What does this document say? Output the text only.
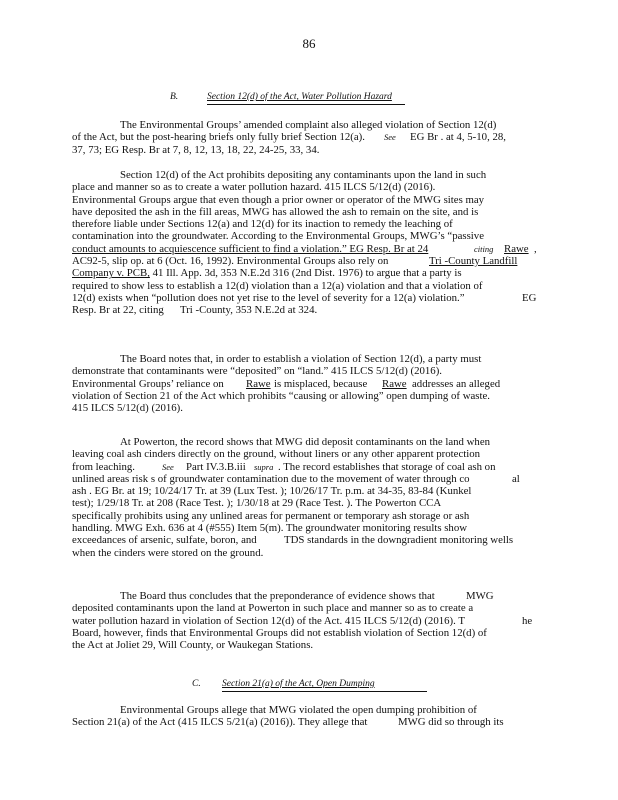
86
B.	Section 12(d) of the Act, Water Pollution Hazard

The Environmental Groups’ amended complaint also alleged violation of Section 12(d)

of the Act, but the post-hearing briefs only fully brief Section 12(a). See EG Br . at 4, 5-10, 28,

37, 73; EG Resp. Br at 7, 8, 12, 13, 18, 22, 24-25, 33, 34.

Section 12(d) of the Act prohibits depositing any contaminants upon the land in such

place and manner so as to create a water pollution hazard. 415 ILCS 5/12(d) (2016).

Environmental Groups argue that even though a prior owner or operator of the MWG sites may

have deposited the ash in the fill areas, MWG has allowed the ash to remain on the site, and is

therefore liable under Sections 12(a) and 12(d) for its inaction to remedy the leaching of

contamination into the groundwater. According to the Environmental Groups, MWG’s “passive

conduct amounts to acquiescence sufficient to find a violation.” EG Resp. Br at 24	citing Rawe ,

AC92-5, slip op. at 6 (Oct. 16, 1992). Environmental Groups also rely on	Tri -County Landfill

Company v. PCB, 41 Ill. App. 3d, 353 N.E.2d 316 (2nd Dist. 1976) to argue that a party is

required to show less to establish a 12(d) violation than a 12(a) violation and that a violation of

12(d) exists when “pollution does not yet rise to the level of severity for a 12(a) violation.”	EG

Resp. Br at 22, citing Tri -County, 353 N.E.2d at 324.

The Board notes that, in order to establish a violation of Section 12(d), a party must

demonstrate that contaminants were “deposited” on “land.” 415 ILCS 5/12(d) (2016).

Environmental Groups’ reliance on Rawe is misplaced, because Rawe addresses an alleged

violation of Section 21 of the Act which prohibits “causing or allowing” open dumping of waste.

415 ILCS 5/12(d) (2016).

At Powerton, the record shows that MWG did deposit contaminants on the land when

leaving coal ash cinders directly on the ground, without liners or any other apparent protection

from leaching.	See Part IV.3.B.iii supra . The record establishes that storage of coal ash on

unlined areas risk s of groundwater contamination due to the movement of water through co	al

ash . EG Br. at 19; 10/24/17 Tr. at 39 (Lux Test. ); 10/26/17 Tr. p.m. at 34-35, 83-84 (Kunkel

test); 1/29/18 Tr. at 208 (Race Test. ); 1/30/18 at 29 (Race Test. ). The Powerton CCA

specifically prohibits using any unlined areas for permanent or temporary ash storage or ash

handling. MWG Exh. 636 at 4 (#555) Item 5(m). The groundwater monitoring results show

exceedances of arsenic, sulfate, boron, and	TDS standards in the downgradient monitoring wells

when the cinders were stored on the ground.

The Board thus concludes that the preponderance of evidence shows that	MWG

deposited contaminants upon the land at Powerton in such place and manner so as to create a

water pollution hazard in violation of Section 12(d) of the Act. 415 ILCS 5/12(d) (2016). T	he

Board, however, finds that Environmental Groups did not establish violation of Section 12(d) of

the Act at Joliet 29, Will County, or Waukegan Stations.

C. Section 21(a) of the Act, Open Dumping

Environmental Groups allege that MWG violated the open dumping prohibition of

Section 21(a) of the Act (415 ILCS 5/21(a) (2016)). They allege that	MWG did so through its
